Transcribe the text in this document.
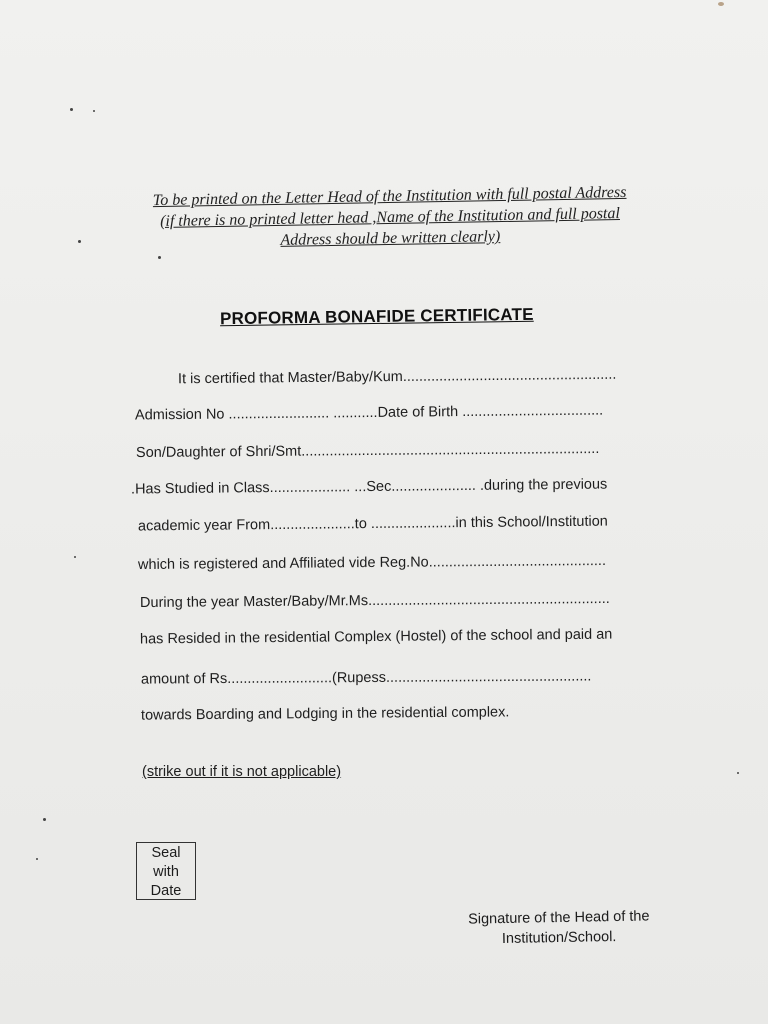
To be printed on the Letter Head of the Institution with full postal Address
(if there is no printed letter head ,Name of the Institution and full postal
Address should be written clearly)
PROFORMA BONAFIDE CERTIFICATE
It is certified that Master/Baby/Kum.....................................................
Admission No ......................... ...........Date of Birth ...................................
Son/Daughter of Shri/Smt..........................................................................
.Has Studied in Class.................... ...Sec..................... .during the previous
academic year From.....................to .....................in this School/Institution
which is registered and Affiliated vide Reg.No............................................
During the year Master/Baby/Mr.Ms............................................................
has Resided in the residential Complex (Hostel) of the school and paid an
amount of Rs..........................(Rupess...................................................
towards Boarding and Lodging in the residential complex.
(strike out if it is not applicable)
Seal
with
Date
Signature of the Head of the
Institution/School.
